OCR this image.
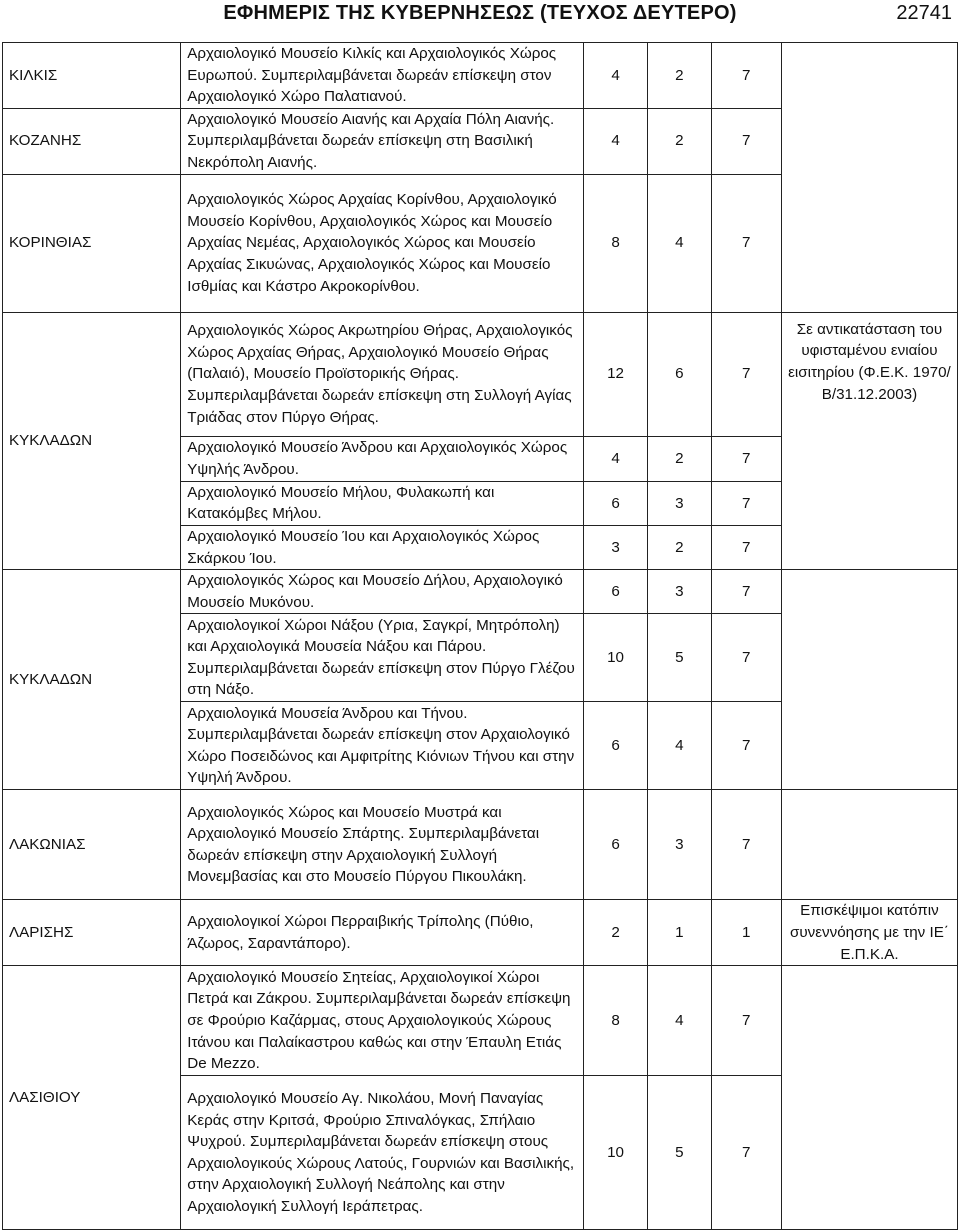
ΕΦΗΜΕΡΙΣ ΤΗΣ ΚΥΒΕΡΝΗΣΕΩΣ (ΤΕΥΧΟΣ ΔΕΥΤΕΡΟ)	22741
ΚΙΛΚΙΣ	Αρχαιολογικό Μουσείο Κιλκίς και Αρχαιολογικός Χώρος Ευρωπού. Συμπεριλαμβάνεται δωρεάν επίσκεψη στον Αρχαιολογικό Χώρο Παλατιανού.	4	2	7	
ΚΟΖΑΝΗΣ	Αρχαιολογικό Μουσείο Αιανής και Αρχαία Πόλη Αιανής. Συμπεριλαμβάνεται δωρεάν επίσκεψη στη Βασιλική Νεκρόπολη Αιανής.	4	2	7	
ΚΟΡΙΝΘΙΑΣ	Αρχαιολογικός Χώρος Αρχαίας Κορίνθου, Αρχαιολογικό Μουσείο Κορίνθου, Αρχαιολογικός Χώρος και Μουσείο Αρχαίας Νεμέας, Αρχαιολογικός Χώρος και Μουσείο Αρχαίας Σικυώνας, Αρχαιολογικός Χώρος και Μουσείο Ισθμίας και Κάστρο Ακροκορίνθου.	8	4	7	
ΚΥΚΛΑΔΩΝ	Αρχαιολογικός Χώρος Ακρωτηρίου Θήρας, Αρχαιολογικός Χώρος Αρχαίας Θήρας, Αρχαιολογικό Μουσείο Θήρας (Παλαιό), Μουσείο Προϊστορικής Θήρας. Συμπεριλαμβάνεται δωρεάν επίσκεψη στη Συλλογή Αγίας Τριάδας στον Πύργο Θήρας.	12	6	7	Σε αντικατάσταση του υφισταμένου ενιαίου εισιτηρίου (Φ.Ε.Κ. 1970/ Β/31.12.2003)
	Αρχαιολογικό Μουσείο Άνδρου και Αρχαιολογικός Χώρος Υψηλής Άνδρου.	4	2	7	
	Αρχαιολογικό Μουσείο Μήλου, Φυλακωπή και Κατακόμβες Μήλου.	6	3	7	
	Αρχαιολογικό Μουσείο Ίου και Αρχαιολογικός Χώρος Σκάρκου Ίου.	3	2	7	
ΚΥΚΛΑΔΩΝ	Αρχαιολογικός Χώρος και Μουσείο Δήλου, Αρχαιολογικό Μουσείο Μυκόνου.	6	3	7	
	Αρχαιολογικοί Χώροι Νάξου (Υρια, Σαγκρί, Μητρόπολη) και Αρχαιολογικά Μουσεία Νάξου και Πάρου. Συμπεριλαμβάνεται δωρεάν επίσκεψη στον Πύργο Γλέζου στη Νάξο.	10	5	7	
	Αρχαιολογικά Μουσεία Άνδρου και Τήνου. Συμπεριλαμβάνεται δωρεάν επίσκεψη στον Αρχαιολογικό Χώρο Ποσειδώνος και Αμφιτρίτης Κιόνιων Τήνου και στην Υψηλή Άνδρου.	6	4	7	
ΛΑΚΩΝΙΑΣ	Αρχαιολογικός Χώρος και Μουσείο Μυστρά και Αρχαιολογικό Μουσείο Σπάρτης. Συμπεριλαμβάνεται δωρεάν επίσκεψη στην Αρχαιολογική Συλλογή Μονεμβασίας και στο Μουσείο Πύργου Πικουλάκη.	6	3	7	
ΛΑΡΙΣΗΣ	Αρχαιολογικοί Χώροι Περραιβικής Τρίπολης (Πύθιο, Άζωρος, Σαραντάπορο).	2	1	1	Επισκέψιμοι κατόπιν συνεννόησης με την ΙΕ΄ Ε.Π.Κ.Α.
ΛΑΣΙΘΙΟΥ	Αρχαιολογικό Μουσείο Σητείας, Αρχαιολογικοί Χώροι Πετρά και Ζάκρου. Συμπεριλαμβάνεται δωρεάν επίσκεψη σε Φρούριο Καζάρμας, στους Αρχαιολογικούς Χώρους Ιτάνου και Παλαίκαστρου καθώς και στην Έπαυλη Ετιάς De Mezzo.	8	4	7	
	Αρχαιολογικό Μουσείο Αγ. Νικολάου, Μονή Παναγίας Κεράς στην Κριτσά, Φρούριο Σπιναλόγκας, Σπήλαιο Ψυχρού. Συμπεριλαμβάνεται δωρεάν επίσκεψη στους Αρχαιολογικούς Χώρους Λατούς, Γουρνιών και Βασιλικής, στην Αρχαιολογική Συλλογή Νεάπολης και στην Αρχαιολογική Συλλογή Ιεράπετρας.	10	5	7	
